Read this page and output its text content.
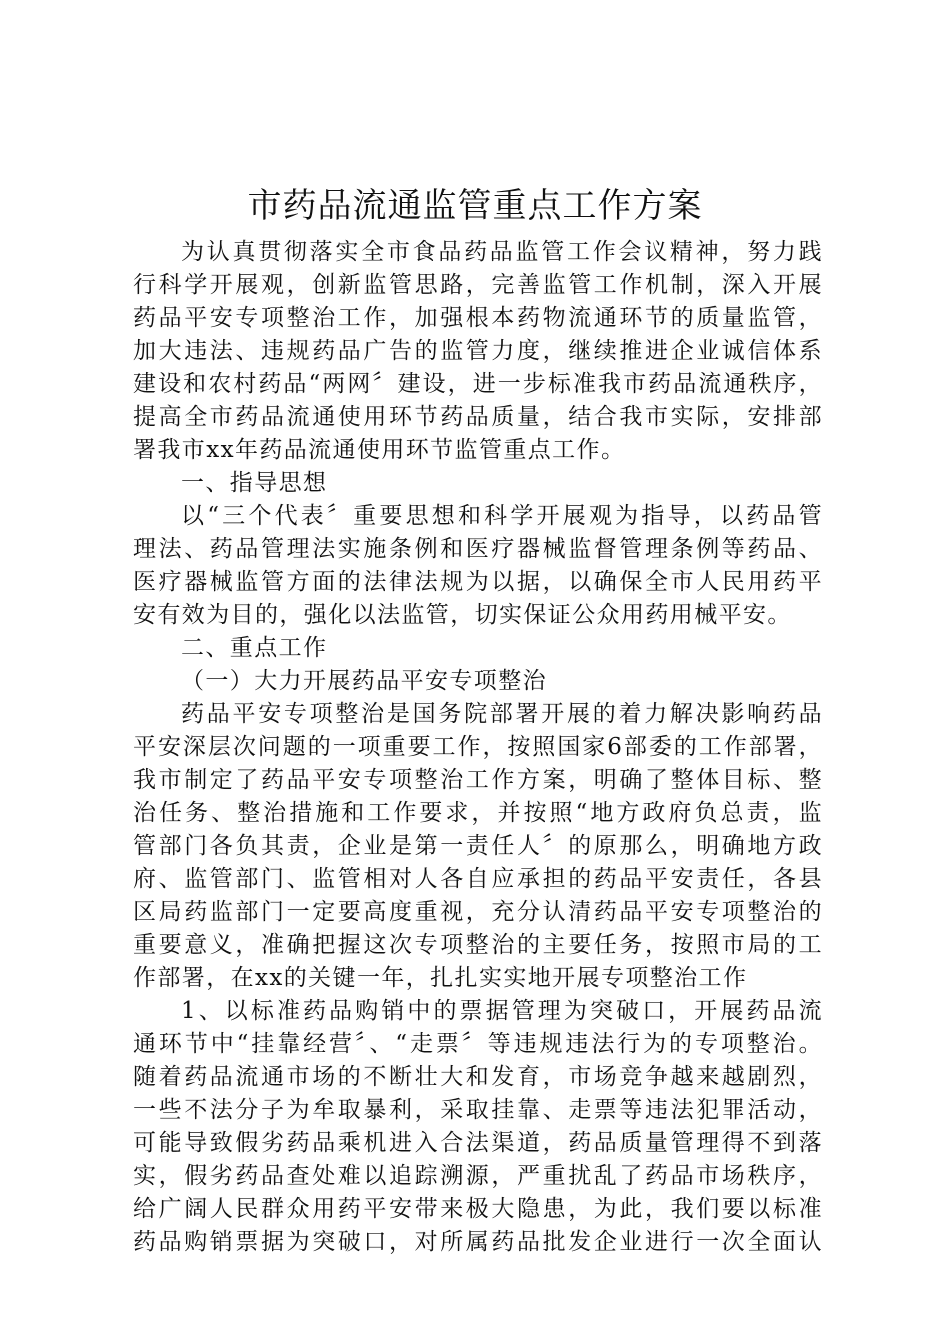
市药品流通监管重点工作方案
为认真贯彻落实全市食品药品监管工作会议精神，努力践
行科学开展观，创新监管思路，完善监管工作机制，深入开展
药品平安专项整治工作，加强根本药物流通环节的质量监管，
加大违法、违规药品广告的监管力度，继续推进企业诚信体系
建设和农村药品“两网〞建设，进一步标准我市药品流通秩序，
提高全市药品流通使用环节药品质量，结合我市实际，安排部
署我市xx年药品流通使用环节监管重点工作。
一、指导思想
以“三个代表〞重要思想和科学开展观为指导，以药品管
理法、药品管理法实施条例和医疗器械监督管理条例等药品、
医疗器械监管方面的法律法规为以据，以确保全市人民用药平
安有效为目的，强化以法监管，切实保证公众用药用械平安。
二、重点工作
（一）大力开展药品平安专项整治
药品平安专项整治是国务院部署开展的着力解决影响药品
平安深层次问题的一项重要工作，按照国家6部委的工作部署，
我市制定了药品平安专项整治工作方案，明确了整体目标、整
治任务、整治措施和工作要求，并按照“地方政府负总责，监
管部门各负其责，企业是第一责任人〞的原那么，明确地方政
府、监管部门、监管相对人各自应承担的药品平安责任，各县
区局药监部门一定要高度重视，充分认清药品平安专项整治的
重要意义，准确把握这次专项整治的主要任务，按照市局的工
作部署，在xx的关键一年，扎扎实实地开展专项整治工作
1、以标准药品购销中的票据管理为突破口，开展药品流
通环节中“挂靠经营〞、“走票〞等违规违法行为的专项整治。
随着药品流通市场的不断壮大和发育，市场竞争越来越剧烈，
一些不法分子为牟取暴利，采取挂靠、走票等违法犯罪活动，
可能导致假劣药品乘机进入合法渠道，药品质量管理得不到落
实，假劣药品查处难以追踪溯源，严重扰乱了药品市场秩序，
给广阔人民群众用药平安带来极大隐患，为此，我们要以标准
药品购销票据为突破口，对所属药品批发企业进行一次全面认
